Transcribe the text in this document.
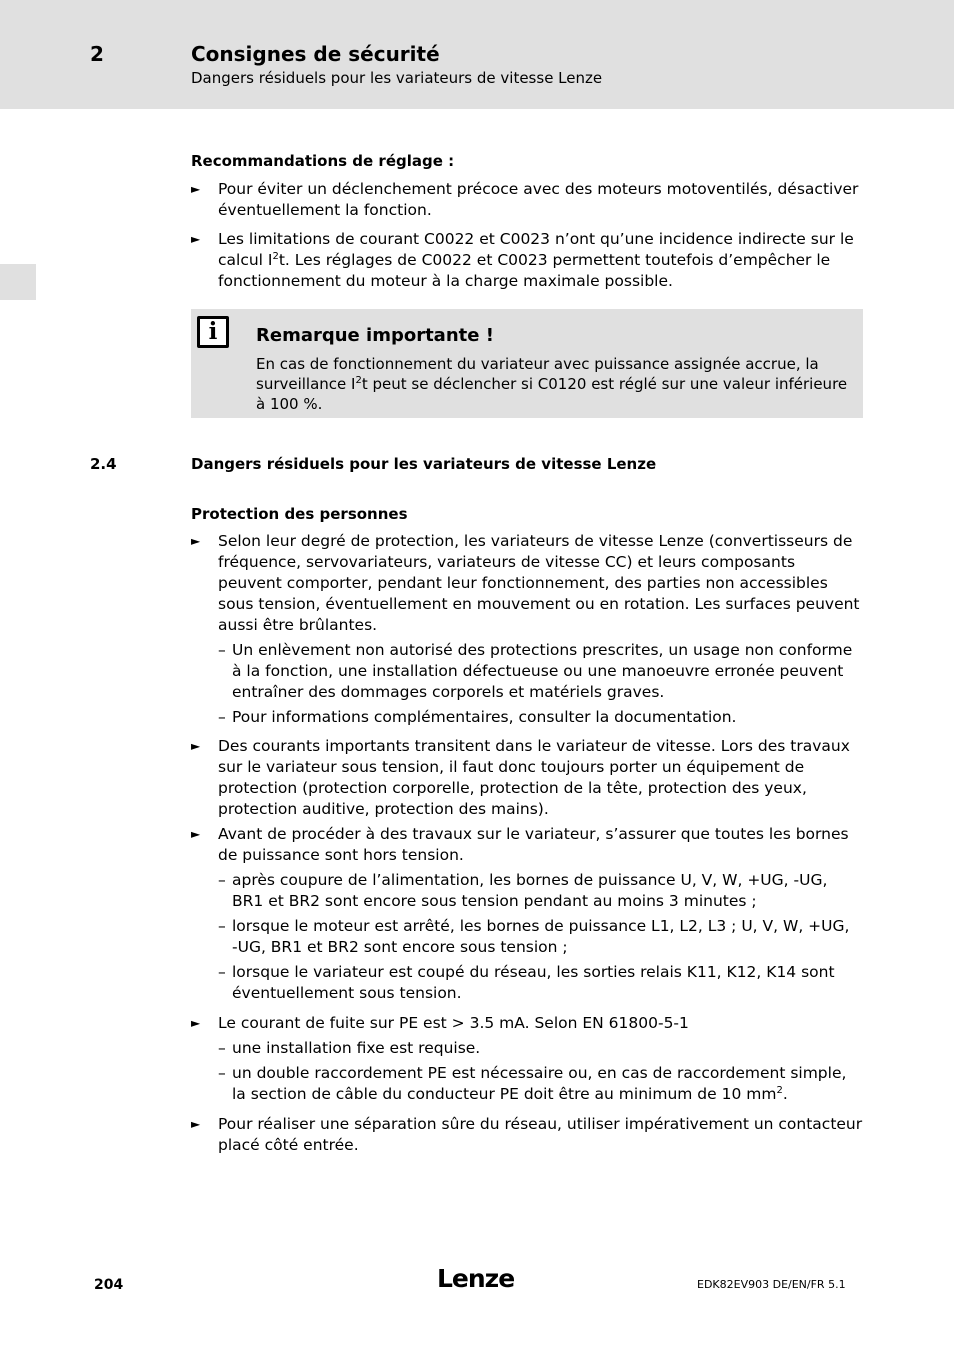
2	Consignes de sécurité
Dangers résiduels pour les variateurs de vitesse Lenze
Recommandations de réglage :
► Pour éviter un déclenchement précoce avec des moteurs motoventilés, désactiver éventuellement la fonction.
► Les limitations de courant C0022 et C0023 n’ont qu’une incidence indirecte sur le calcul $I^2t$. Les réglages de C0022 et C0023 permettent toutefois d’empêcher le fonctionnement du moteur à la charge maximale possible.
i	Remarque importante !
En cas de fonctionnement du variateur avec puissance assignée accrue, la surveillance $I^2t$ peut se déclencher si C0120 est réglé sur une valeur inférieure à 100 %.
2.4	Dangers résiduels pour les variateurs de vitesse Lenze
Protection des personnes
► Selon leur degré de protection, les variateurs de vitesse Lenze (convertisseurs de fréquence, servovariateurs, variateurs de vitesse CC) et leurs composants peuvent comporter, pendant leur fonctionnement, des parties non accessibles sous tension, éventuellement en mouvement ou en rotation. Les surfaces peuvent aussi être brûlantes.
– Un enlèvement non autorisé des protections prescrites, un usage non conforme à la fonction, une installation défectueuse ou une manoeuvre erronée peuvent entraîner des dommages corporels et matériels graves.
– Pour informations complémentaires, consulter la documentation.
► Des courants importants transitent dans le variateur de vitesse. Lors des travaux sur le variateur sous tension, il faut donc toujours porter un équipement de protection (protection corporelle, protection de la tête, protection des yeux, protection auditive, protection des mains).
► Avant de procéder à des travaux sur le variateur, s’assurer que toutes les bornes de puissance sont hors tension.
– après coupure de l’alimentation, les bornes de puissance U, V, W, +UG, -UG, BR1 et BR2 sont encore sous tension pendant au moins 3 minutes ;
– lorsque le moteur est arrêté, les bornes de puissance L1, L2, L3 ; U, V, W, +UG, -UG, BR1 et BR2 sont encore sous tension ;
– lorsque le variateur est coupé du réseau, les sorties relais K11, K12, K14 sont éventuellement sous tension.
► Le courant de fuite sur PE est > 3.5 mA. Selon EN 61800-5-1
– une installation fixe est requise.
– un double raccordement PE est nécessaire ou, en cas de raccordement simple, la section de câble du conducteur PE doit être au minimum de 10 $mm^2$.
► Pour réaliser une séparation sûre du réseau, utiliser impérativement un contacteur placé côté entrée.
204	Lenze	EDK82EV903 DE/EN/FR 5.1
